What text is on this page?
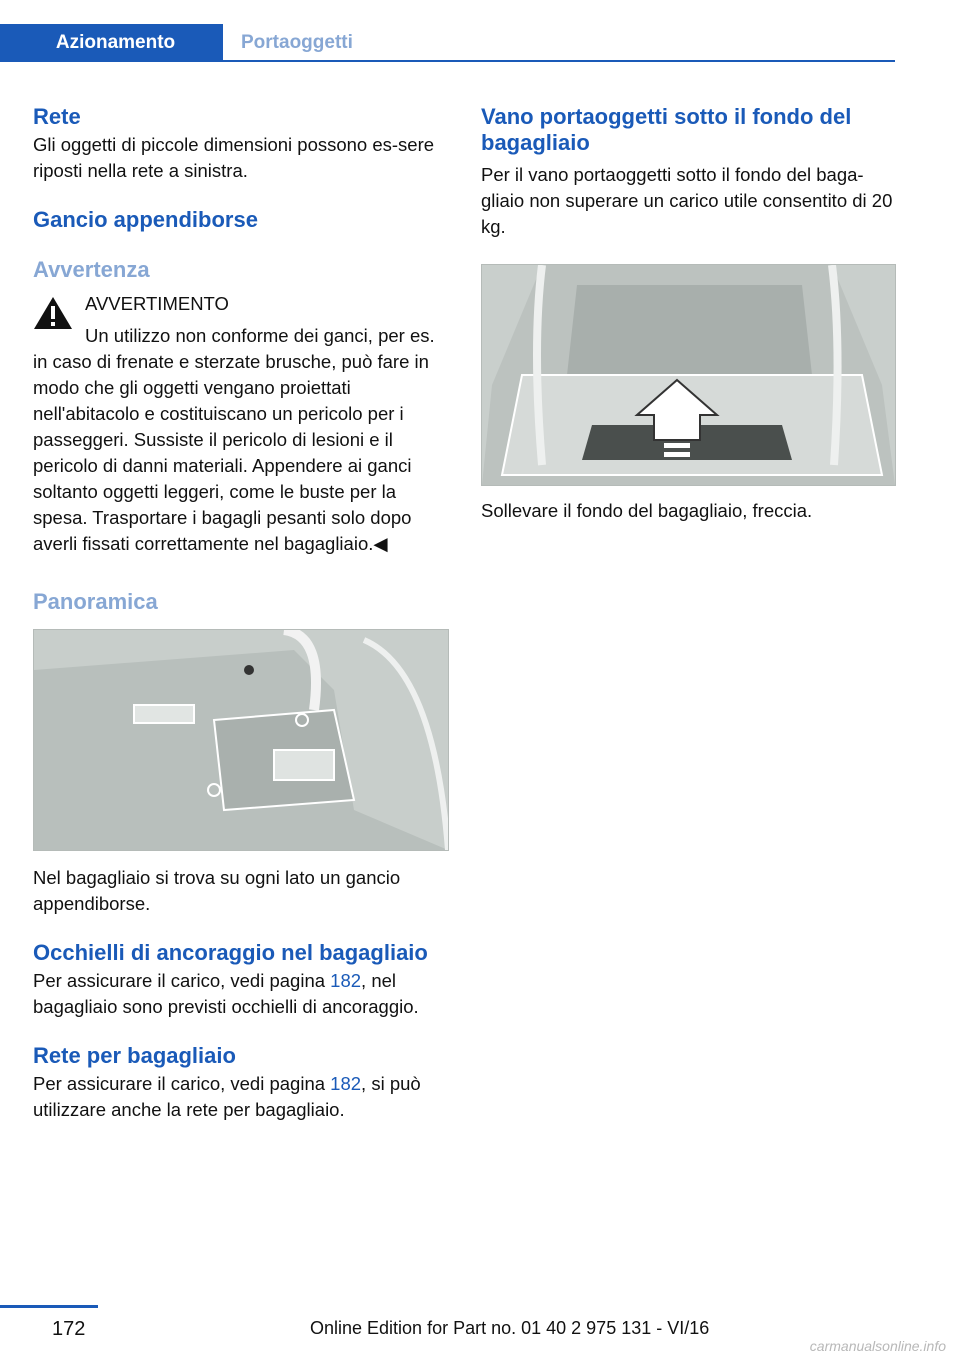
Azionamento	Portaoggetti
Rete

Gli oggetti di piccole dimensioni possono es-sere riposti nella rete a sinistra.

Gancio appendiborse
Avvertenza

AVVERTIMENTO

Un utilizzo non conforme dei ganci, per es. in caso di frenate e sterzate brusche, può fare in modo che gli oggetti vengano proiettati nell'abitacolo e costituiscano un pericolo per i passeggeri. Sussiste il pericolo di lesioni e il pericolo di danni materiali. Appendere ai ganci soltanto oggetti leggeri, come le buste per la spesa. Trasportare i bagagli pesanti solo dopo averli fissati correttamente nel bagagliaio.◀

Panoramica

Nel bagagliaio si trova su ogni lato un gancio appendiborse.

Occhielli di ancoraggio nel bagagliaio

Per assicurare il carico, vedi pagina 182, nel bagagliaio sono previsti occhielli di ancoraggio.

Rete per bagagliaio

Per assicurare il carico, vedi pagina 182, si può utilizzare anche la rete per bagagliaio.

Vano portaoggetti sotto il fondo del bagagliaio

Per il vano portaoggetti sotto il fondo del baga-gliaio non superare un carico utile consentito di 20 kg.

Sollevare il fondo del bagagliaio, freccia.

172	Online Edition for Part no. 01 40 2 975 131 - VI/16
carmanualsonline.info
